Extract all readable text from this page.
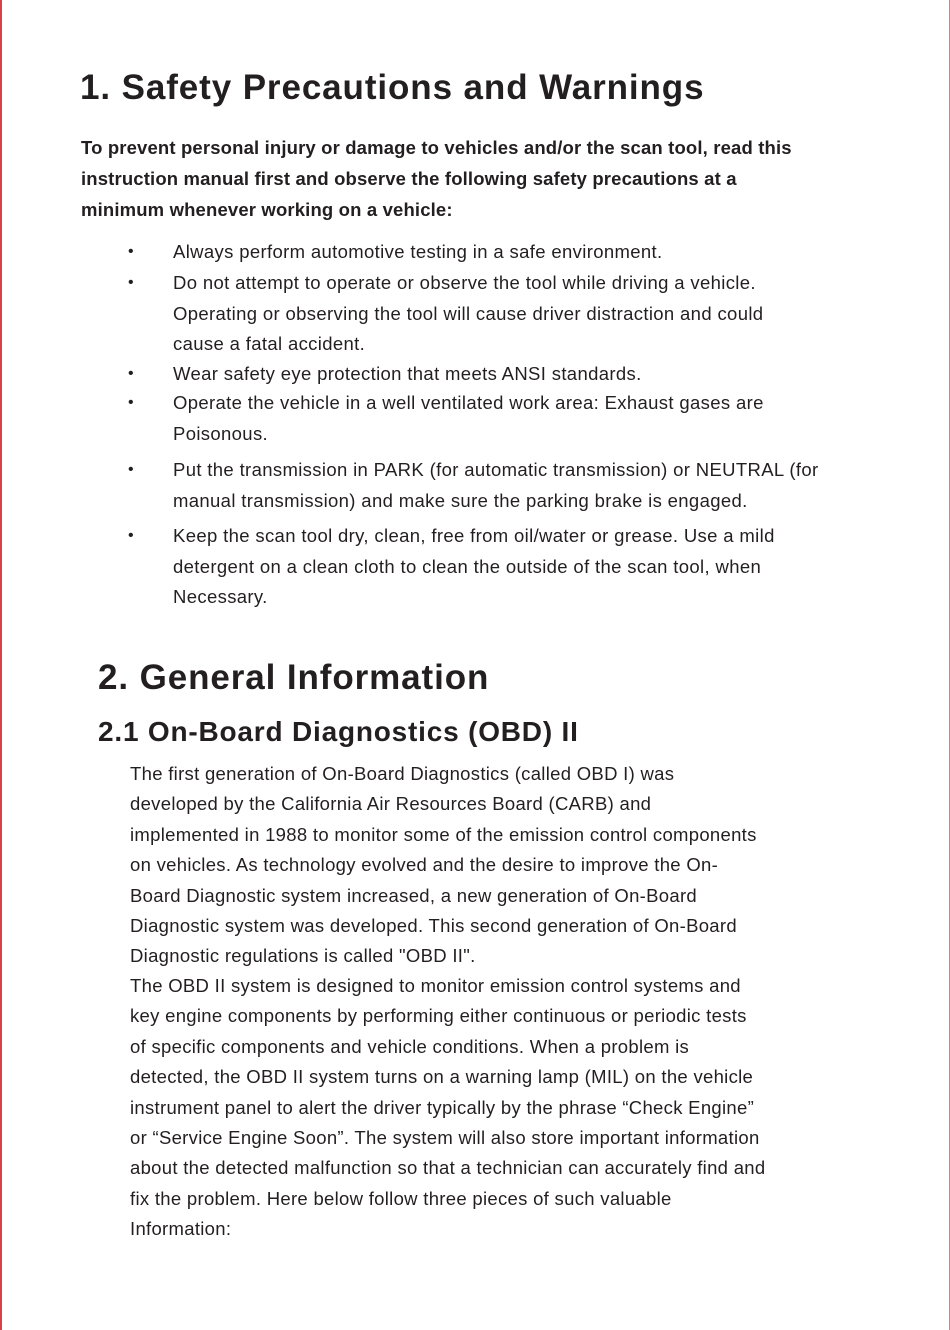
1. Safety Precautions and Warnings

To prevent personal injury or damage to vehicles and/or the scan tool, read this
instruction manual first and observe the following safety precautions at a
minimum whenever working on a vehicle:

• Always perform automotive testing in a safe environment.
• Do not attempt to operate or observe the tool while driving a vehicle.
Operating or observing the tool will cause driver distraction and could
cause a fatal accident.
• Wear safety eye protection that meets ANSI standards.
• Operate the vehicle in a well ventilated work area: Exhaust gases are
Poisonous.
• Put the transmission in PARK (for automatic transmission) or NEUTRAL (for
manual transmission) and make sure the parking brake is engaged.
• Keep the scan tool dry, clean, free from oil/water or grease. Use a mild
detergent on a clean cloth to clean the outside of the scan tool, when
Necessary.
2. General Information
2.1 On-Board Diagnostics (OBD) II

The first generation of On-Board Diagnostics (called OBD I) was
developed by the California Air Resources Board (CARB) and
implemented in 1988 to monitor some of the emission control components
on vehicles. As technology evolved and the desire to improve the On-
Board Diagnostic system increased, a new generation of On-Board
Diagnostic system was developed. This second generation of On-Board
Diagnostic regulations is called "OBD II".

The OBD II system is designed to monitor emission control systems and
key engine components by performing either continuous or periodic tests
of specific components and vehicle conditions. When a problem is
detected, the OBD II system turns on a warning lamp (MIL) on the vehicle
instrument panel to alert the driver typically by the phrase “Check Engine”
or “Service Engine Soon”. The system will also store important information
about the detected malfunction so that a technician can accurately find and
fix the problem. Here below follow three pieces of such valuable
Information:
